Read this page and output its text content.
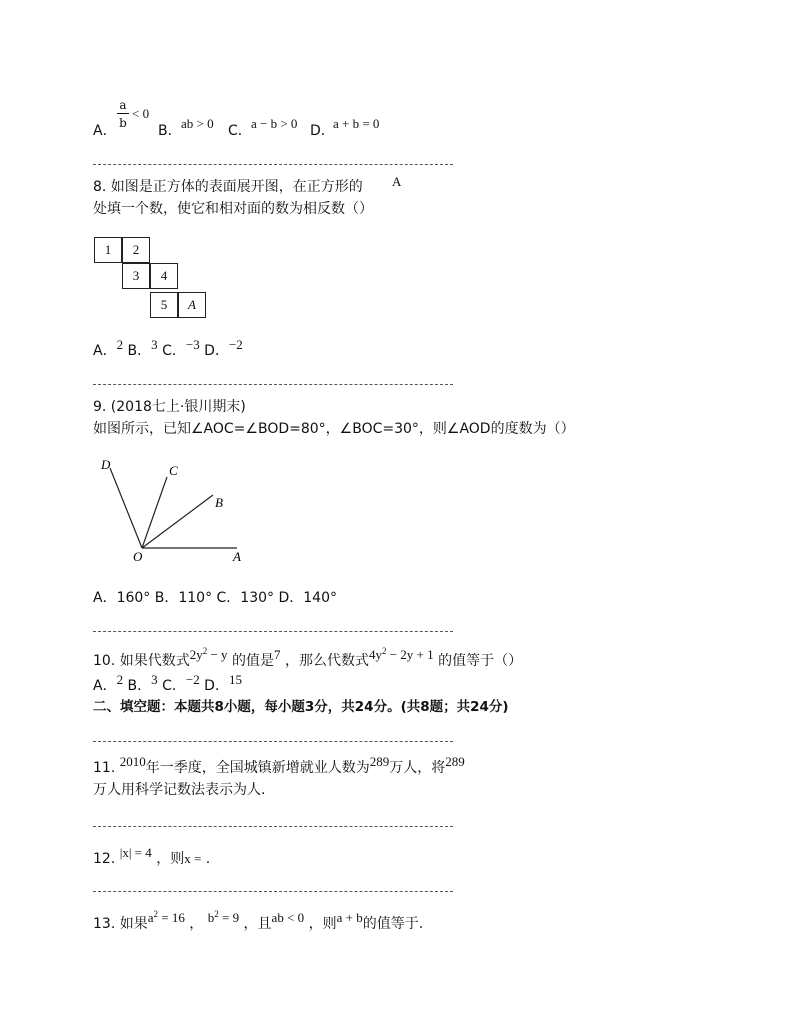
A．
a
b
< 0
B． ab > 0 C． a − b > 0 D．
a + b = 0
8. 如图是正方体的表面展开图，在正方形的 A
处填一个数，使它和相对面的数为相反数（）
1	2
3	4
5	A
A．2 B．3 C．−3 D．−2
9. (2018七上·银川期末)
如图所示，已知∠AOC=∠BOD=80°，∠BOC=30°，则∠AOD的度数为（）
D	C
B
O	A
A．160° B．110° C．130° D．140°
10. 如果代数式$2y^2 - y$ 的值是7 ，那么代数式$4y^2 - 2y + 1$ 的值等于（）
A．2 B．3 C．−2 D．15
二、填空题：本题共8小题，每小题3分，共24分。(共8题；共24分)
11. 2010年一季度，全国城镇新增就业人数为289万人，将289
万人用科学记数法表示为人.
12. |x| = 4 ，则x = .
13. 如果$a^2 = 16$ ， $b^2 = 9$ ，且ab < 0 ，则a + b的值等于.
